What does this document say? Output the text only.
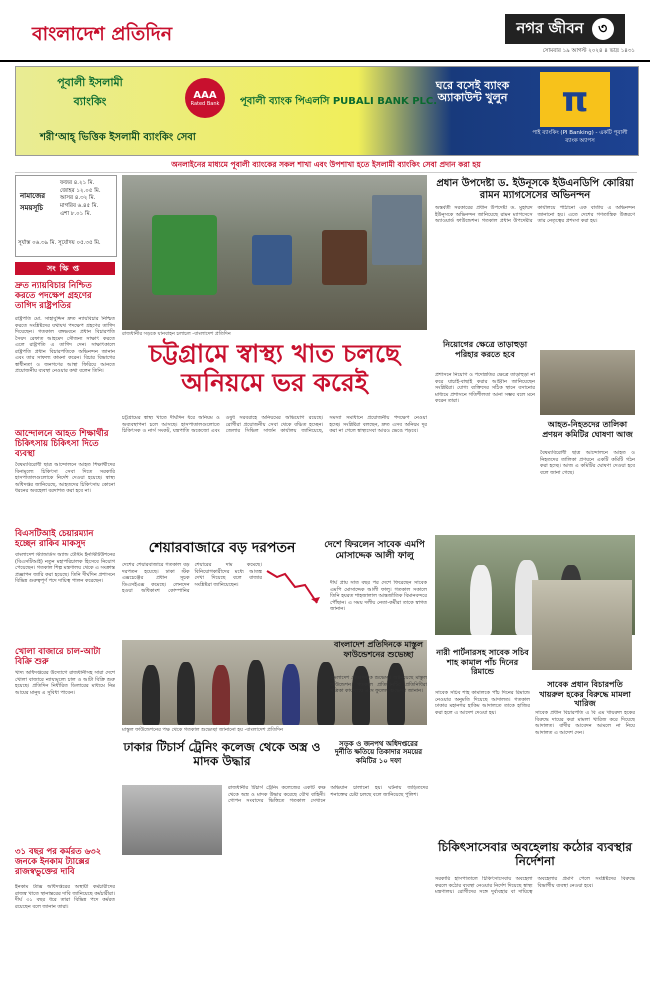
বাংলাদেশ প্রতিদিন	নগর জীবন	৩
সোমবার ১৯ আগস্ট ২০২৪ ৪ ভাদ্র ১৪৩১
পূবালী ইসলামী ব্যাংকিং	AAA
Rated Bank পূবালী ব্যাংক পিএলসি PUBALI BANK PLC.
শরী‘আহ্ ভিত্তিক ইসলামী ব্যাংকিং সেবা
ঘরে বসেই ব্যাংক অ্যাকাউন্ট খুলুন	π
পাই ব্যাংকিং (PI Banking) - একটি পূবালী ব্যাংক অ্যাপস
অনলাইনের মাধ্যমে পূবালী ব্যাংকের সকল শাখা এবং উপশাখা হতে ইসলামী ব্যাংকিং সেবা প্রদান করা হয়
নামাজের সময়সূচি
ফজর ৪.২১ মি.
জোহর ১২.০৫ মি.
আসর ৪.৩২ মি.
মাগরিব ৬.৪৫ মি.
এশা ৮.০১ মি.
সূর্যাস্ত ০৬.৩৯ মি. সূর্যোদয় ০৫.৩৫ মি.
সংক্ষিপ্ত
দ্রুত ন্যায়বিচার নিশ্চিত করতে পদক্ষেপ গ্রহণের তাগিদ রাষ্ট্রপতির
রাষ্ট্রপতি মো. সাহাবুদ্দিন দ্রুত ন্যায়বিচার নিশ্চিত করতে সংশ্লিষ্টদের যথাযথ পদক্ষেপ গ্রহণের তাগিদ দিয়েছেন। গতকাল বঙ্গভবনে প্রধান বিচারপতি সৈয়দ রেফাত আহমেদ সৌজন্য সাক্ষাৎ করতে এলে রাষ্ট্রপতি এ তাগিদ দেন। সাক্ষাৎকালে রাষ্ট্রপতি প্রধান বিচারপতিকে অভিনন্দন জানান এবং তার সাফল্য কামনা করেন। বিচার বিভাগের স্বাধীনতা ও জনগণের আস্থা ফিরিয়ে আনতে প্রয়োজনীয় ব্যবস্থা নেওয়ার কথা বলেন তিনি।
আন্দোলনে আহত শিক্ষার্থীর চিকিৎসায় চিকিৎসা দিতে ব্যবস্থা
বৈষম্যবিরোধী ছাত্র আন্দোলনে আহত শিক্ষার্থীদের বিনামূল্যে চিকিৎসা সেবা দিতে সরকারি হাসপাতালগুলোকে নির্দেশ দেওয়া হয়েছে। স্বাস্থ্য অধিদপ্তর জানিয়েছে, আহতদের চিকিৎসায় কোনো ধরনের অবহেলা বরদাশত করা হবে না।
বিএসটিআই চেয়ারম্যান হচ্ছেন রাকিব মাকসুদ
বাংলাদেশ স্ট্যান্ডার্ডস অ্যান্ড টেস্টিং ইনস্টিটিউশনের (বিএসটিআই) নতুন মহাপরিচালক হিসেবে নিয়োগ পেয়েছেন। গতকাল শিল্প মন্ত্রণালয় থেকে এ সংক্রান্ত প্রজ্ঞাপন জারি করা হয়েছে। তিনি দীর্ঘদিন প্রশাসনে বিভিন্ন গুরুত্বপূর্ণ পদে দায়িত্ব পালন করেছেন।
খোলা বাজারে চাল-আটা বিক্রি শুরু
খাদ্য অধিদপ্তরের উদ্যোগে রাজধানীসহ সারা দেশে খোলা বাজারে ন্যায্যমূল্যে চাল ও আটা বিক্রি শুরু হয়েছে। প্রতিদিন নির্ধারিত ডিলারের মাধ্যমে নিম্ন আয়ের মানুষ এ সুবিধা পাবেন।
৩১ বছর পর কর্মরত ৬৩২ জনকে ইনকাম ট্যাক্সের রাজস্বভুক্তের দাবি
ইনকাম ট্যাক্স অধিদপ্তরের অস্থায়ী কর্মচারীদের রাজস্ব খাতে স্থানান্তরের দাবি জানিয়েছে কর্মচারীরা। দীর্ঘ ৩১ বছর ধরে তারা বিভিন্ন পদে কর্মরত রয়েছেন বলে জানান তারা।
রাজধানীর সড়কে যানবাহন চলাচল -বাংলাদেশ প্রতিদিন
চট্টগ্রামে স্বাস্থ্য খাত চলছে অনিয়মে ভর করেই
চট্টগ্রামের স্বাস্থ্য খাতে দীর্ঘদিন ধরে অনিয়ম ও অব্যবস্থাপনা চলে আসছে। হাসপাতালগুলোতে চিকিৎসক ও নার্স সংকট, যন্ত্রপাতি অকেজো এবং ওষুধ সরবরাহে অনিয়মের অভিযোগ রয়েছে। রোগীরা প্রয়োজনীয় সেবা থেকে বঞ্চিত হচ্ছেন। জেলার সিভিল সার্জন কার্যালয় জানিয়েছে, সমস্যা সমাধানে প্রয়োজনীয় পদক্ষেপ নেওয়া হচ্ছে। সংশ্লিষ্টরা বলছেন, দ্রুত এসব অনিয়ম দূর করা না গেলে স্বাস্থ্যসেবা আরও ভেঙে পড়বে।
শেয়ারবাজারে বড় দরপতন
দেশের শেয়ারবাজারে গতকাল বড় দরপতন হয়েছে। ঢাকা স্টক এক্সচেঞ্জের প্রধান সূচক ডিএসইএক্স কমেছে। লেনদেন হওয়া অধিকাংশ কোম্পানির শেয়ারের দাম কমেছে। বিনিয়োগকারীদের মধ্যে আতঙ্ক দেখা দিয়েছে বলে বাজার সংশ্লিষ্টরা জানিয়েছেন।
দেশে ফিরলেন সাবেক এমপি মোসাদ্দেক আলী ফালু
দীর্ঘ প্রায় সাত বছর পর দেশে ফিরেছেন সাবেক এমপি মোসাদ্দেক আলী ফালু। গতকাল সকালে তিনি হযরত শাহজালাল আন্তর্জাতিক বিমানবন্দরে পৌঁছান। এ সময় দলীয় নেতা-কর্মীরা তাকে স্বাগত জানান।
মাস্তুল ফাউন্ডেশনের পক্ষ থেকে গতকাল শুভেচ্ছা জানানো হয় -বাংলাদেশ প্রতিদিন
বাংলাদেশ প্রতিদিনকে মাস্তুল ফাউন্ডেশনের শুভেচ্ছা
বাংলাদেশ প্রতিদিনকে শুভেচ্ছা জানিয়েছে মাস্তুল ফাউন্ডেশন। গতকাল প্রতিষ্ঠানটির প্রতিনিধিরা পত্রিকা কার্যালয়ে এসে ফুলেল শুভেচ্ছা জানান।
ঢাকার টিচার্স ট্রেনিং কলেজ থেকে অস্ত্র ও মাদক উদ্ধার
রাজধানীর টিচার্স ট্রেনিং কলেজের একটি কক্ষ থেকে অস্ত্র ও মাদক উদ্ধার করেছে যৌথ বাহিনী। গোপন সংবাদের ভিত্তিতে গতকাল সেখানে অভিযান চালানো হয়। ঘটনায় জড়িতদের শনাক্তের চেষ্টা চলছে বলে জানিয়েছে পুলিশ।
সড়ক ও জনপথ অধিদপ্তরের দুর্নীতি ক্ষতিয়ে তিকাদার সময়ের কমিটির ১০ দফা
প্রধান উপদেষ্টা ড. ইউনূসকে ইউএনডিপি কোরিয়া রামন ম্যাগসেসের অভিনন্দন
অন্তর্বর্তী সরকারের প্রধান উপদেষ্টা ড. মুহাম্মদ ইউনূসকে অভিনন্দন জানিয়েছে রামন ম্যাগসেসে অ্যাওয়ার্ড ফাউন্ডেশন। গতকাল প্রধান উপদেষ্টার কার্যালয়ে পাঠানো এক বার্তায় এ অভিনন্দন জানানো হয়। এতে দেশের গণতান্ত্রিক উত্তরণে তার নেতৃত্বের প্রশংসা করা হয়।
নিয়োগের ক্ষেত্রে তাড়াহুড়া পরিহার করতে হবে
প্রশাসনে নিয়োগ ও পদোন্নতির ক্ষেত্রে তাড়াহুড়া না করে যাচাই-বাছাই করার আহ্বান জানিয়েছেন সংশ্লিষ্টরা। যোগ্য ব্যক্তিদের সঠিক স্থানে বসানোর মাধ্যমে প্রশাসনে গতিশীলতা আনা সম্ভব বলে মনে করেন তারা।
আহত-নিহতদের তালিকা প্রণয়ন কমিটির ঘোষণা আজ
বৈষম্যবিরোধী ছাত্র আন্দোলনে আহত ও নিহতদের তালিকা প্রণয়নে একটি কমিটি গঠন করা হচ্ছে। আজ এ কমিটির ঘোষণা দেওয়া হবে বলে জানা গেছে।
নারী পার্টনারসহ সাবেক সচিব শাহ কামাল পাঁচ দিনের রিমান্ডে
সাবেক সচিব শাহ কামালকে পাঁচ দিনের রিমান্ডে নেওয়ার অনুমতি দিয়েছে আদালত। গতকাল ঢাকার মহানগর হাকিম আদালতে তাকে হাজির করা হলে এ আদেশ দেওয়া হয়।
সাবেক প্রধান বিচারপতি খায়রুল হকের বিরুদ্ধে মামলা খারিজ
সাবেক প্রধান বিচারপতি এ বি এম খায়রুল হকের বিরুদ্ধে দায়ের করা মামলা খারিজ করে দিয়েছে আদালত। বাদীর আবেদন আমলে না নিয়ে আদালত এ আদেশ দেন।
চিকিৎসাসেবার অবহেলায় কঠোর ব্যবস্থার নির্দেশনা
সরকারি হাসপাতালে চিকিৎসাসেবায় অবহেলা করলে কঠোর ব্যবস্থা নেওয়ার নির্দেশ দিয়েছে স্বাস্থ্য মন্ত্রণালয়। রোগীদের সঙ্গে দুর্ব্যবহার বা দায়িত্বে অবহেলার প্রমাণ পেলে সংশ্লিষ্টদের বিরুদ্ধে বিভাগীয় ব্যবস্থা নেওয়া হবে।
